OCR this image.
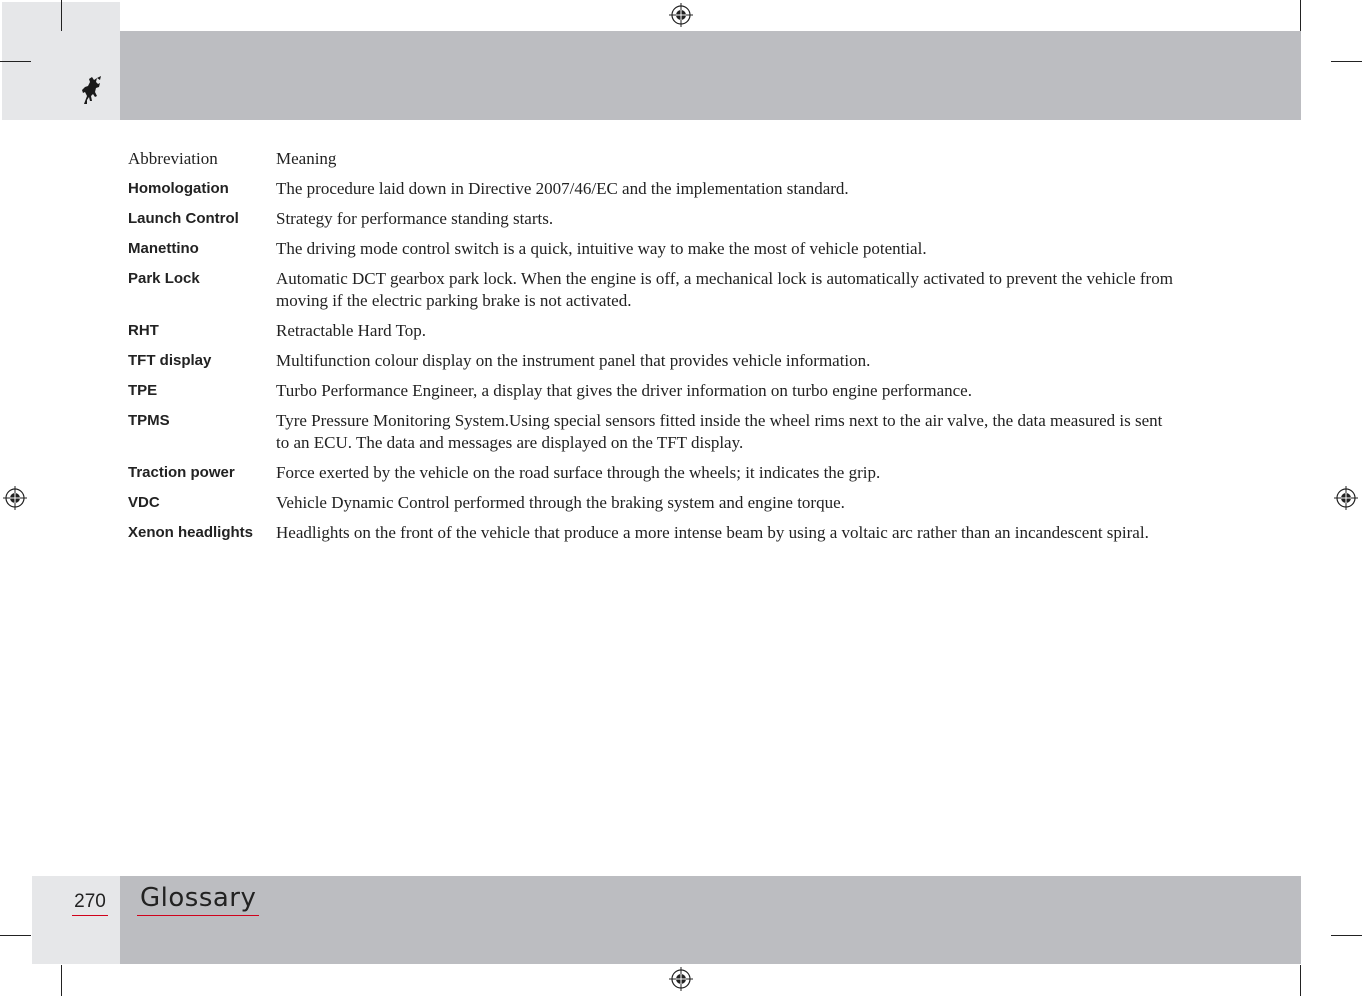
Abbreviation	Meaning
Homologation	The procedure laid down in Directive 2007/46/EC and the implementation standard.
Launch Control	Strategy for performance standing starts.
Manettino	The driving mode control switch is a quick, intuitive way to make the most of vehicle potential.
Park Lock	Automatic DCT gearbox park lock. When the engine is off, a mechanical lock is automatically activated to prevent the vehicle from moving if the electric parking brake is not activated.
RHT	Retractable Hard Top.
TFT display	Multifunction colour display on the instrument panel that provides vehicle information.
TPE	Turbo Performance Engineer, a display that gives the driver information on turbo engine performance.
TPMS	Tyre Pressure Monitoring System.Using special sensors fitted inside the wheel rims next to the air valve, the data measured is sent to an ECU. The data and messages are displayed on the TFT display.
Traction power	Force exerted by the vehicle on the road surface through the wheels; it indicates the grip.
VDC	Vehicle Dynamic Control performed through the braking system and engine torque.
Xenon headlights	Headlights on the front of the vehicle that produce a more intense beam by using a voltaic arc rather than an incandescent spiral.
270 Glossary
